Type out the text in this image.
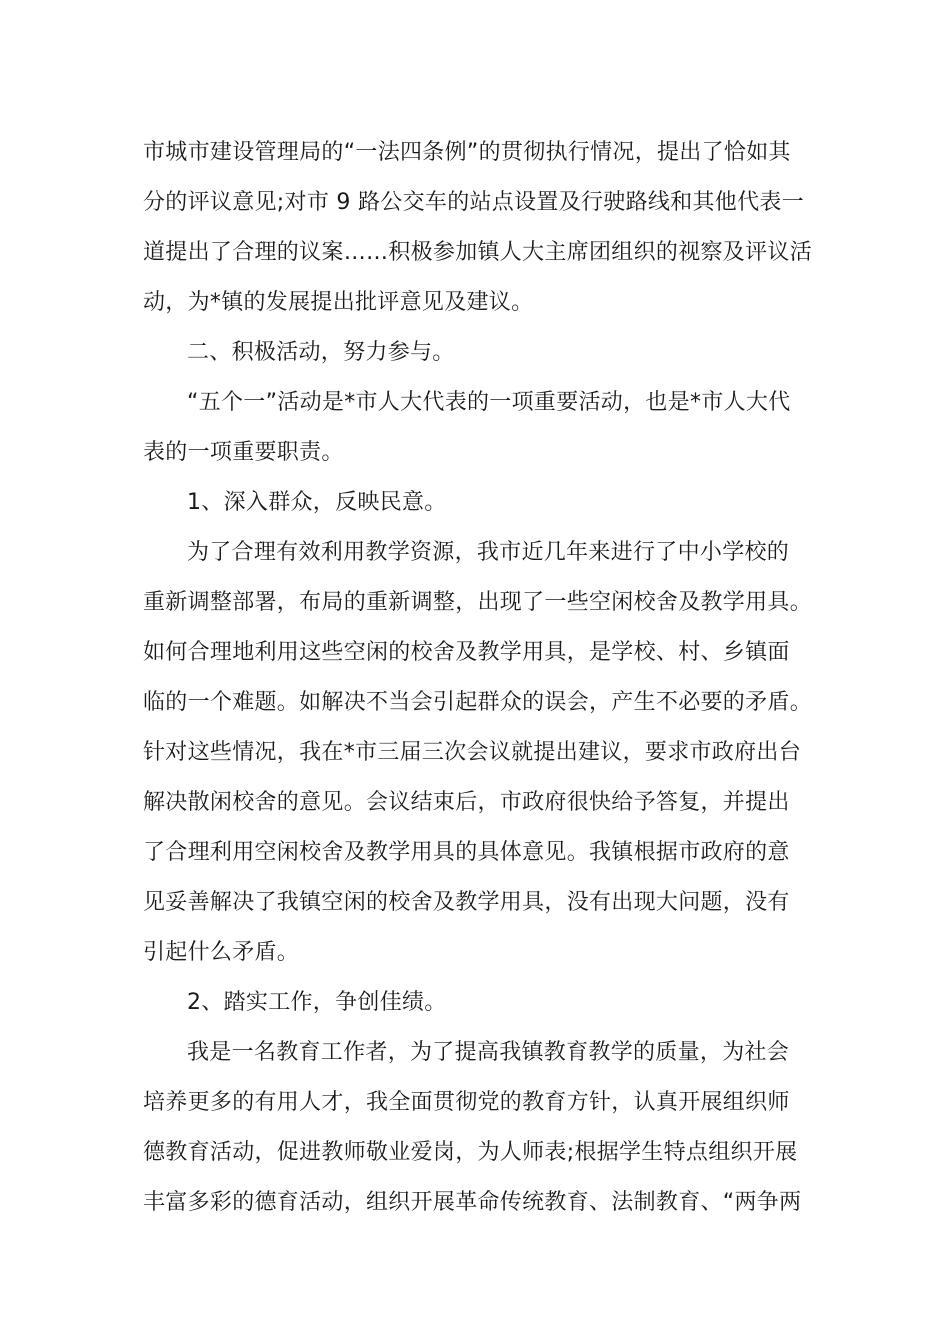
市城市建设管理局的“一法四条例”的贯彻执行情况，提出了恰如其
分的评议意见;对市 9 路公交车的站点设置及行驶路线和其他代表一
道提出了合理的议案……积极参加镇人大主席团组织的视察及评议活
动，为*镇的发展提出批评意见及建议。
二、积极活动，努力参与。
“五个一”活动是*市人大代表的一项重要活动，也是*市人大代
表的一项重要职责。
1、深入群众，反映民意。
为了合理有效利用教学资源，我市近几年来进行了中小学校的
重新调整部署，布局的重新调整，出现了一些空闲校舍及教学用具。
如何合理地利用这些空闲的校舍及教学用具，是学校、村、乡镇面
临的一个难题。如解决不当会引起群众的误会，产生不必要的矛盾。
针对这些情况，我在*市三届三次会议就提出建议，要求市政府出台
解决散闲校舍的意见。会议结束后，市政府很快给予答复，并提出
了合理利用空闲校舍及教学用具的具体意见。我镇根据市政府的意
见妥善解决了我镇空闲的校舍及教学用具，没有出现大问题，没有
引起什么矛盾。
2、踏实工作，争创佳绩。
我是一名教育工作者，为了提高我镇教育教学的质量，为社会
培养更多的有用人才，我全面贯彻党的教育方针，认真开展组织师
德教育活动，促进教师敬业爱岗，为人师表;根据学生特点组织开展
丰富多彩的德育活动，组织开展革命传统教育、法制教育、“两争两
